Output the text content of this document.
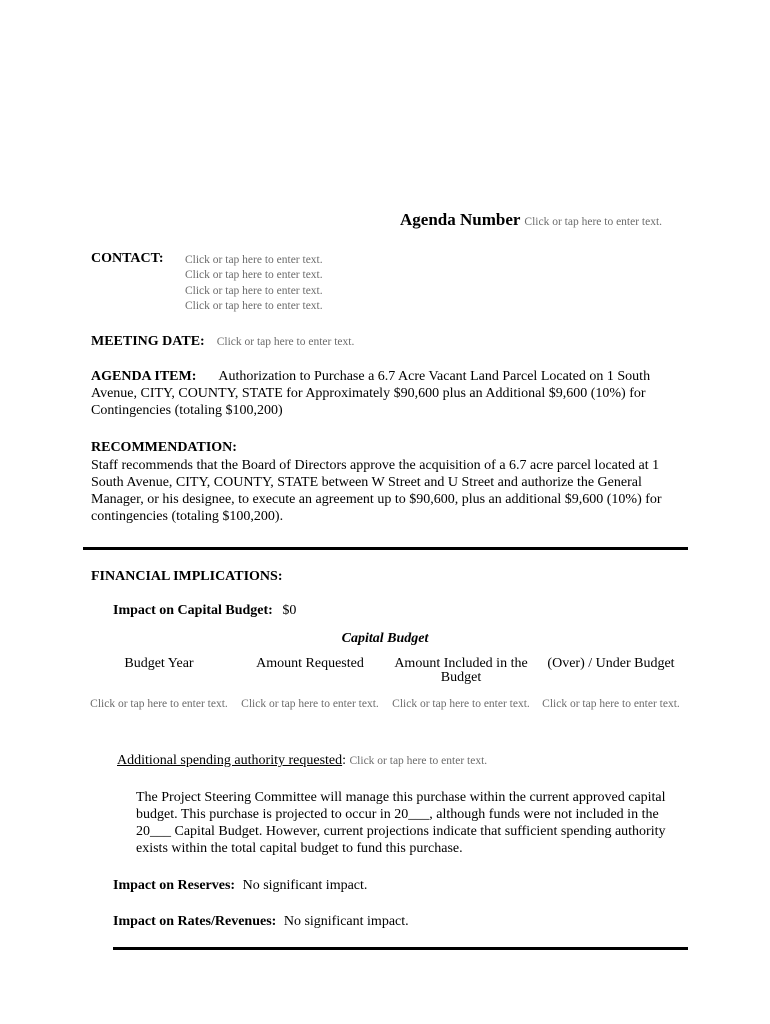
Agenda Number Click or tap here to enter text.
CONTACT: Click or tap here to enter text.
Click or tap here to enter text.
Click or tap here to enter text.
Click or tap here to enter text.
MEETING DATE: Click or tap here to enter text.
AGENDA ITEM: Authorization to Purchase a 6.7 Acre Vacant Land Parcel Located on 1 South Avenue, CITY, COUNTY, STATE for Approximately $90,600 plus an Additional $9,600 (10%) for Contingencies (totaling $100,200)
RECOMMENDATION:
Staff recommends that the Board of Directors approve the acquisition of a 6.7 acre parcel located at 1 South Avenue, CITY, COUNTY, STATE between W Street and U Street and authorize the General Manager, or his designee, to execute an agreement up to $90,600, plus an additional $9,600 (10%) for contingencies (totaling $100,200).
FINANCIAL IMPLICATIONS:
Impact on Capital Budget: $0
Capital Budget
Budget Year	Amount Requested	Amount Included in the Budget
(Over) / Under Budget
Click or tap here to enter text. Click or tap here to enter text. Click or tap here to enter text. Click or tap here to enter text.
Additional spending authority requested: Click or tap here to enter text.
The Project Steering Committee will manage this purchase within the current approved capital budget. This purchase is projected to occur in 20___, although funds were not included in the 20___ Capital Budget. However, current projections indicate that sufficient spending authority exists within the total capital budget to fund this purchase.
Impact on Reserves: No significant impact.
Impact on Rates/Revenues: No significant impact.
